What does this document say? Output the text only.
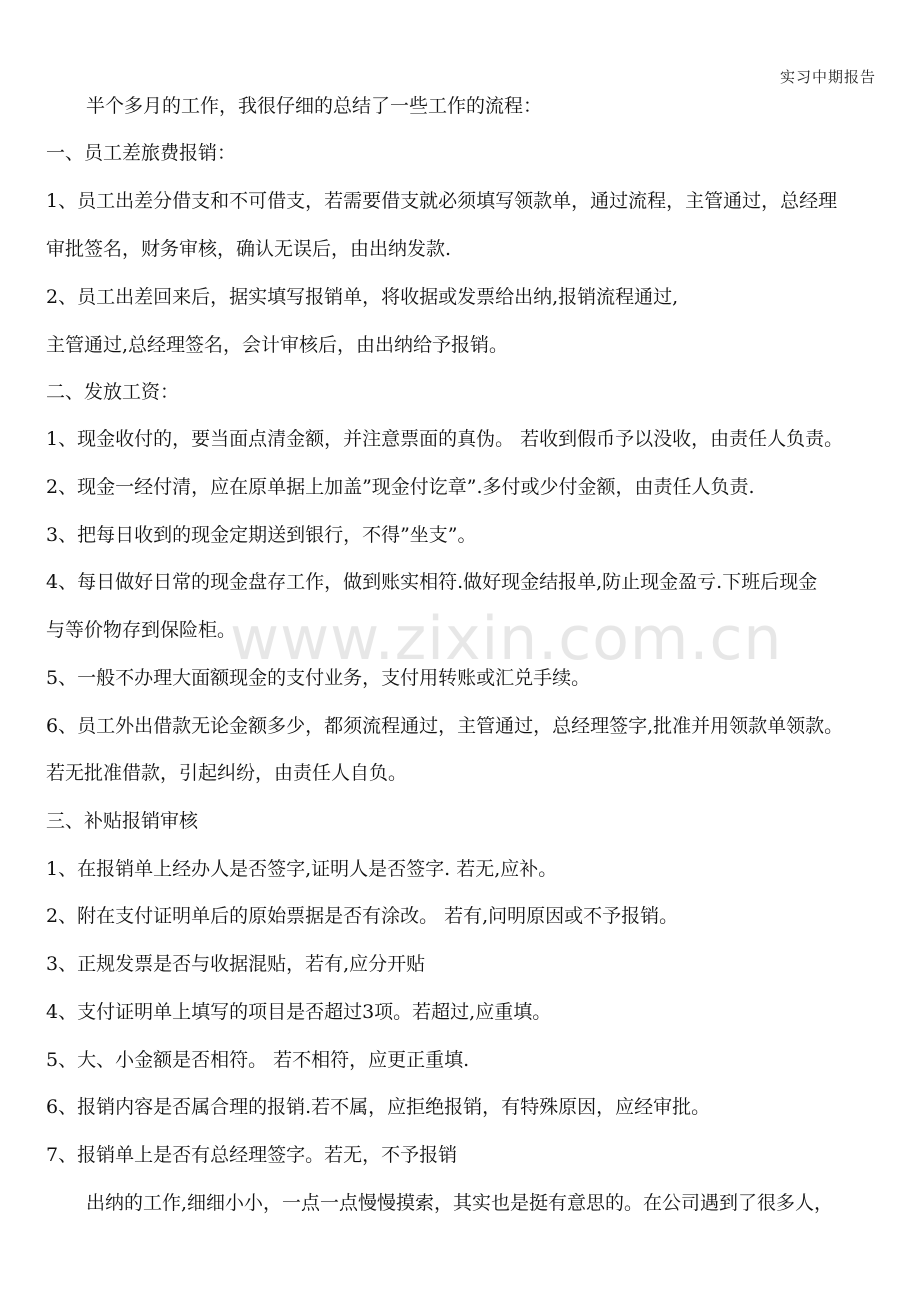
实习中期报告

半个多月的工作，我很仔细的总结了一些工作的流程：

一、员工差旅费报销：

1、员工出差分借支和不可借支，若需要借支就必须填写领款单，通过流程，主管通过，总经理

审批签名，财务审核，确认无误后，由出纳发款.

2、员工出差回来后，据实填写报销单，将收据或发票给出纳,报销流程通过,

主管通过,总经理签名，会计审核后，由出纳给予报销。

二、发放工资：

1、现金收付的，要当面点清金额，并注意票面的真伪。 若收到假币予以没收，由责任人负责。

2、现金一经付清，应在原单据上加盖”现金付讫章”.多付或少付金额，由责任人负责.

3、把每日收到的现金定期送到银行，不得”坐支”。

4、每日做好日常的现金盘存工作，做到账实相符.做好现金结报单,防止现金盈亏.下班后现金

与等价物存到保险柜。

5、一般不办理大面额现金的支付业务，支付用转账或汇兑手续。

6、员工外出借款无论金额多少，都须流程通过，主管通过，总经理签字,批准并用领款单领款。

若无批准借款，引起纠纷，由责任人自负。

三、补贴报销审核

1、在报销单上经办人是否签字,证明人是否签字. 若无,应补。

2、附在支付证明单后的原始票据是否有涂改。 若有,问明原因或不予报销。

3、正规发票是否与收据混贴，若有,应分开贴

4、支付证明单上填写的项目是否超过3项。若超过,应重填。

5、大、小金额是否相符。 若不相符，应更正重填.

6、报销内容是否属合理的报销.若不属，应拒绝报销，有特殊原因，应经审批。

7、报销单上是否有总经理签字。若无，不予报销

出纳的工作,细细小小，一点一点慢慢摸索，其实也是挺有意思的。在公司遇到了很多人，

www.zixin.com.cn
